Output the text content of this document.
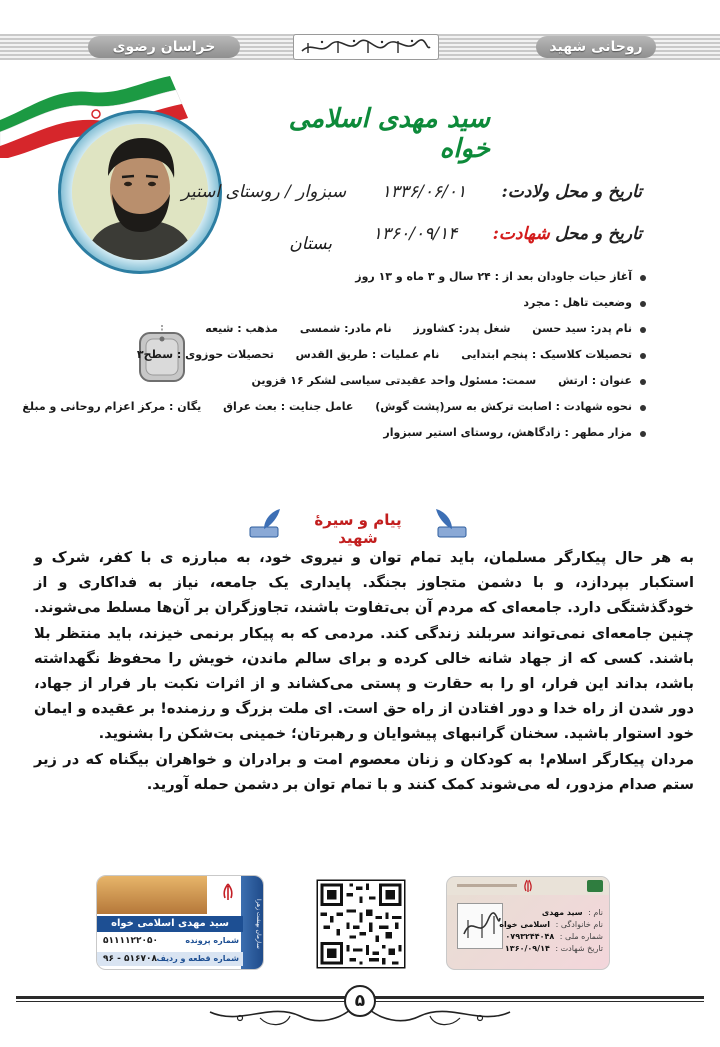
خراسان رضوی	روحانی شهید
سید مهدی اسلامی خواه
تاریخ و محل ولادت: ۱۳۳۶/۰۶/۰۱ سبزوار / روستای استیر
تاریخ و محل شهادت: ۱۳۶۰/۰۹/۱۴
بستان
آغاز حیات جاودان بعد از : ۲۴ سال و ۳ ماه و ۱۳ روز
وضعیت تاهل : مجرد
نام پدر: سید حسن شغل پدر: کشاورز نام مادر: شمسی مذهب : شیعه
تحصیلات کلاسیک : پنجم ابتدایی نام عملیات : طریق القدس تحصیلات حوزوی : سطح۳
عنوان : ارتش سمت: مسئول واحد عقیدتی سیاسی لشکر ۱۶ قزوین
نحوه شهادت : اصابت ترکش به سر(پشت گوش) عامل جنایت : بعث عراق یگان : مرکز اعزام روحانی و مبلغ
مزار مطهر : زادگاهش، روستای استیر سبزوار
پیام و سیرهٔ شهید

به هر حال پیکارگر مسلمان، باید تمام توان و نیروی خود، به مبارزه ی با کفر، شرک و استکبار بپردازد، و با دشمن متجاوز بجنگد. پایداری یک جامعه، نیاز به فداکاری و از خودگذشتگی دارد. جامعه‌ای که مردم آن بی‌تفاوت باشند، تجاوزگران بر آن‌ها مسلط می‌شوند. چنین جامعه‌ای نمی‌تواند سربلند زندگی کند. مردمی که به پیکار برنمی خیزند، باید منتظر بلا باشند. کسی که از جهاد شانه خالی کرده و برای سالم ماندن، خویش را محفوظ نگهداشته باشد، بداند این فرار، او را به حقارت و پستی می‌کشاند و از اثرات نکبت بار فرار از جهاد، دور شدن از راه خدا و دور افتادن از راه حق است. ای ملت بزرگ و رزمنده! بر عقیده و ایمان خود استوار باشید. سخنان گرانبهای پیشوایان و رهبرتان؛ خمینی بت‌شکن را بشنوید.

مردان پیکارگر اسلام! به کودکان و زنان معصوم امت و برادران و خواهران بیگناه که در زیر ستم صدام مزدور، له می‌شوند کمک کنند و با تمام توان بر دشمن حمله آورید.

سازمان بهشت زهرا
سید مهدی اسلامی خواه
شماره پرونده
۵۱۱۱۱۲۲۰۵۰
شماره قطعه و ردیف
۹۶ - ۵۱۶۷۰۸
نام : سید مهدی
نام خانوادگی : اسلامی خواه
شماره ملی : ۰۷۹۳۲۴۴۰۴۸
تاریخ شهادت : ۱۳۶۰/۰۹/۱۴
۵
